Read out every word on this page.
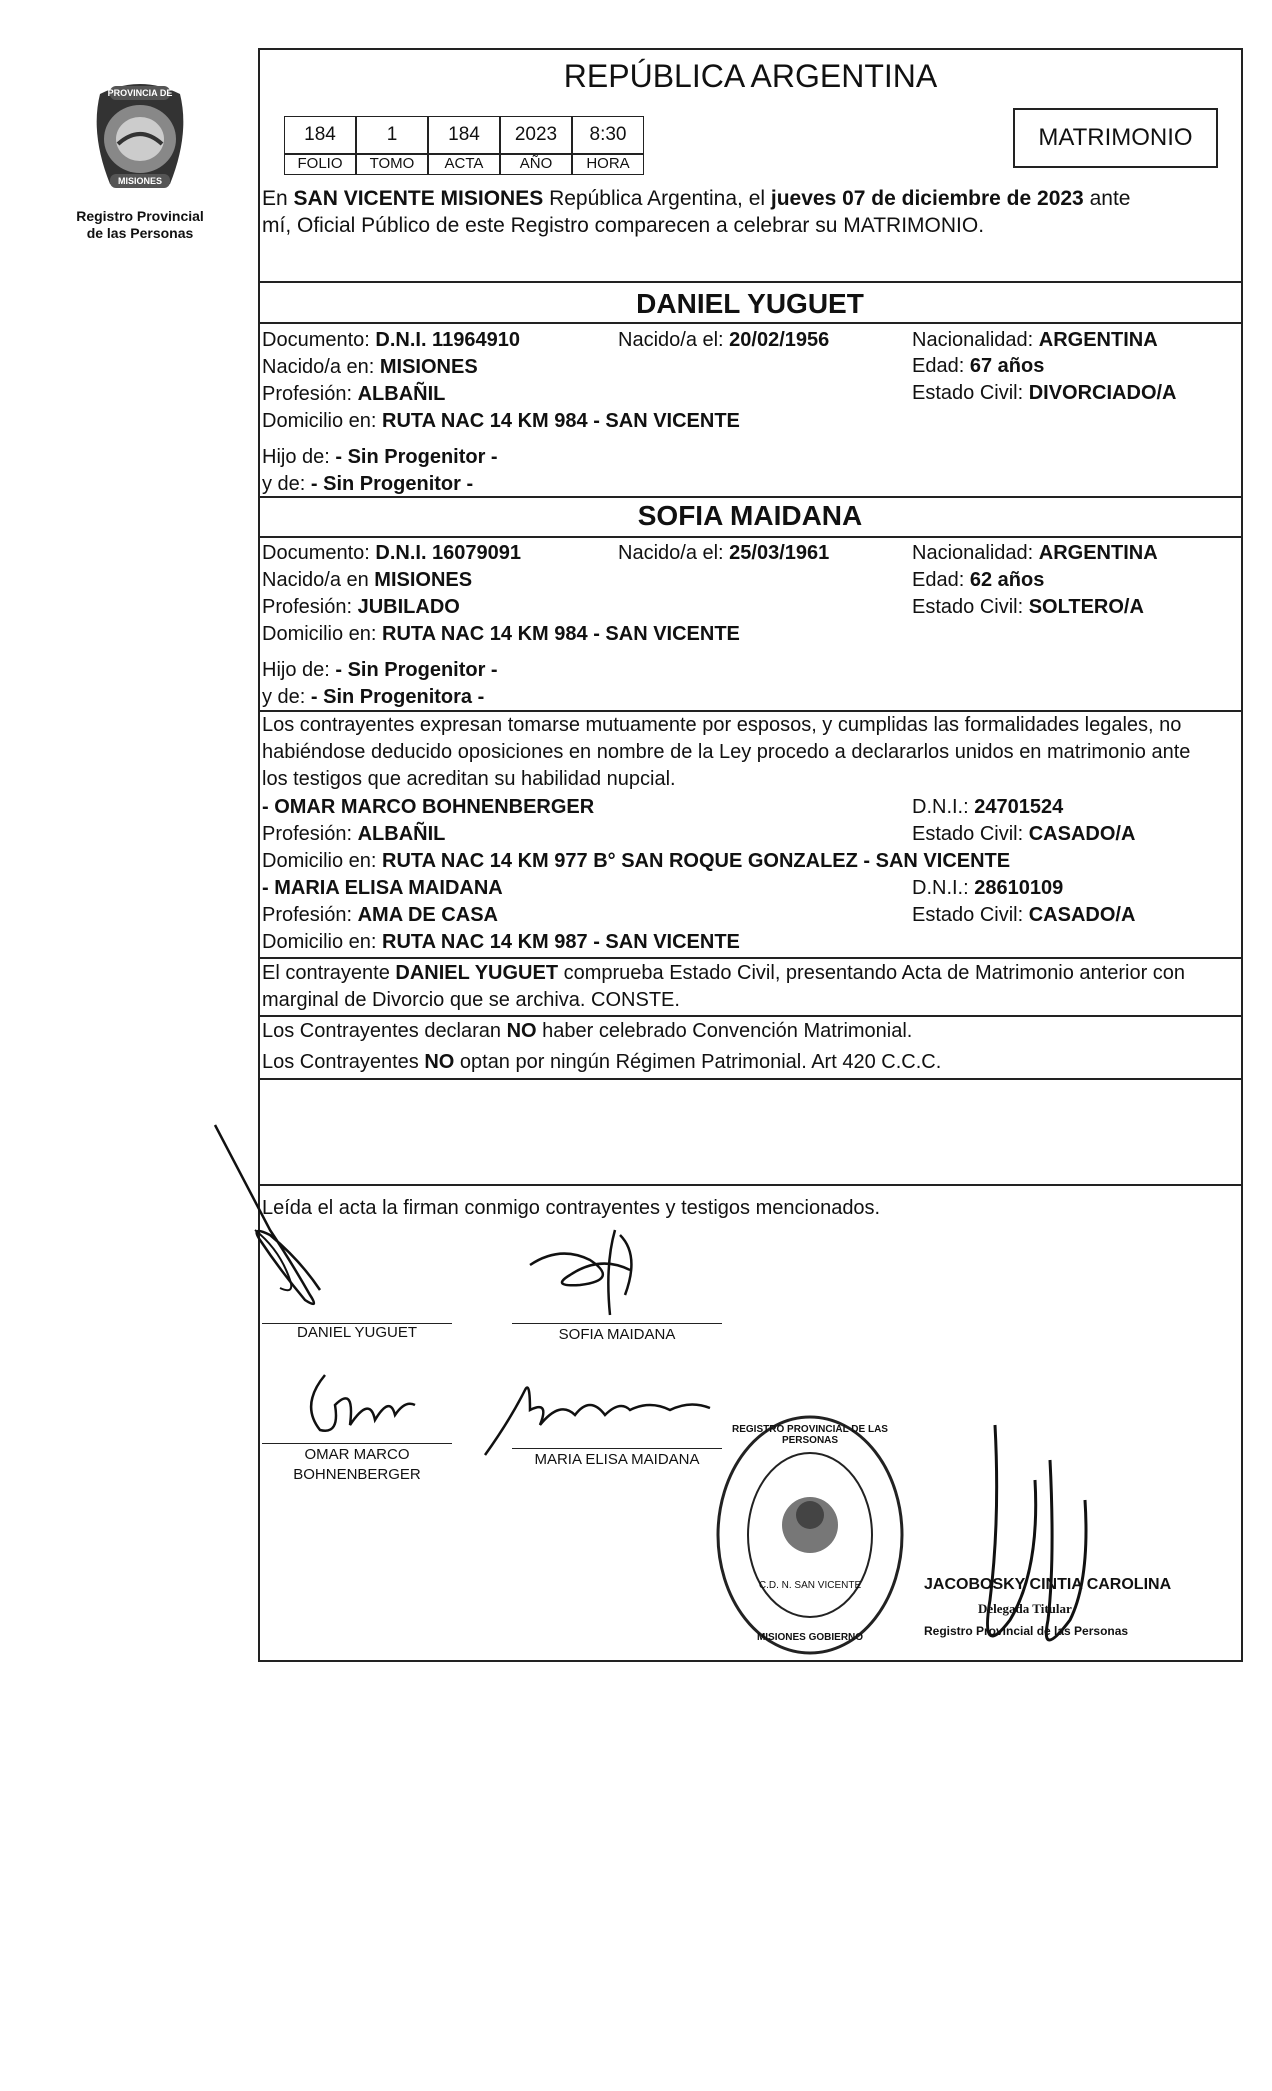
PROVINCIA DE
MISIONES
Registro Provincial
de las Personas
REPÚBLICA ARGENTINA
MATRIMONIO
184	1	184	2023	8:30
FOLIO	TOMO	ACTA	AÑO	HORA
En SAN VICENTE MISIONES República Argentina, el jueves 07 de diciembre de 2023 ante
mí, Oficial Público de este Registro comparecen a celebrar su MATRIMONIO.
DANIEL YUGUET
Documento: D.N.I. 11964910	Nacido/a el: 20/02/1956	Nacionalidad: ARGENTINA
Nacido/a en: MISIONES	Edad: 67 años
Profesión: ALBAÑIL	Estado Civil: DIVORCIADO/A
Domicilio en: RUTA NAC 14 KM 984 - SAN VICENTE
Hijo de: - Sin Progenitor -
y de: - Sin Progenitor -
SOFIA MAIDANA
Documento: D.N.I. 16079091	Nacido/a el: 25/03/1961	Nacionalidad: ARGENTINA
Nacido/a en MISIONES	Edad: 62 años
Profesión: JUBILADO	Estado Civil: SOLTERO/A
Domicilio en: RUTA NAC 14 KM 984 - SAN VICENTE
Hijo de: - Sin Progenitor -
y de: - Sin Progenitora -
Los contrayentes expresan tomarse mutuamente por esposos, y cumplidas las formalidades legales, no
habiéndose deducido oposiciones en nombre de la Ley procedo a declararlos unidos en matrimonio ante
los testigos que acreditan su habilidad nupcial.
- OMAR MARCO BOHNENBERGER	D.N.I.: 24701524
Profesión: ALBAÑIL	Estado Civil: CASADO/A
Domicilio en: RUTA NAC 14 KM 977 B° SAN ROQUE GONZALEZ - SAN VICENTE
- MARIA ELISA MAIDANA	D.N.I.: 28610109
Profesión: AMA DE CASA	Estado Civil: CASADO/A
Domicilio en: RUTA NAC 14 KM 987 - SAN VICENTE
El contrayente DANIEL YUGUET comprueba Estado Civil, presentando Acta de Matrimonio anterior con
marginal de Divorcio que se archiva. CONSTE.
Los Contrayentes declaran NO haber celebrado Convención Matrimonial.
Los Contrayentes NO optan por ningún Régimen Patrimonial. Art 420 C.C.C.
Leída el acta la firman conmigo contrayentes y testigos mencionados.
DANIEL YUGUET	SOFIA MAIDANA
OMAR MARCO
BOHNENBERGER
MARIA ELISA MAIDANA
REGISTRO PROVINCIAL DE LAS PERSONAS
C.D. N. SAN VICENTE
MISIONES GOBIERNO
JACOBOSKY CINTIA CAROLINA
Delegada Titular
Registro Provincial de las Personas
